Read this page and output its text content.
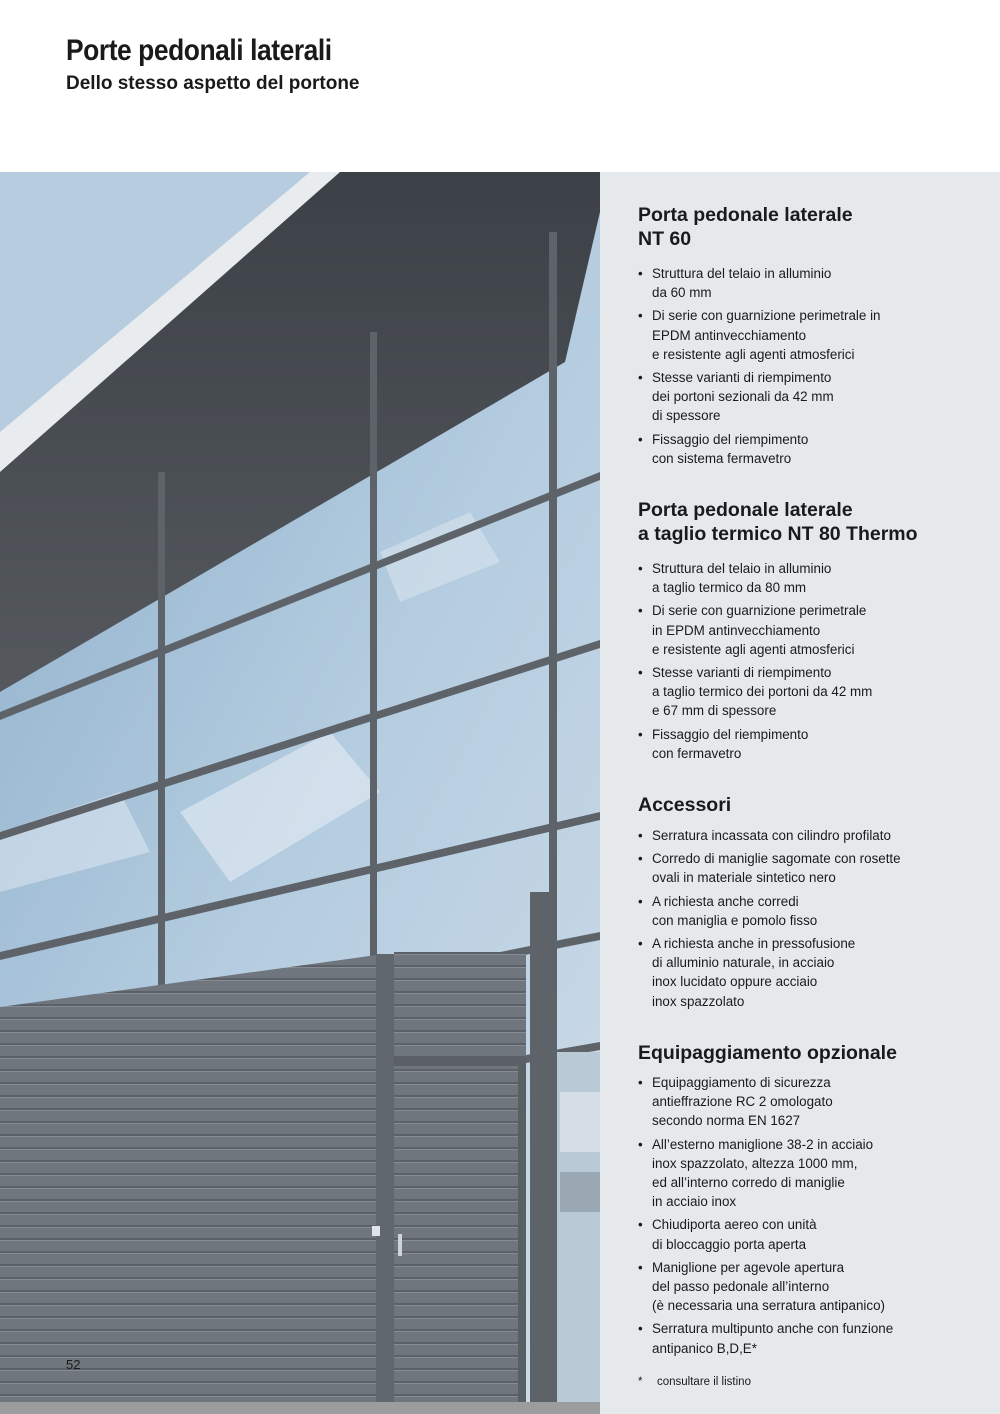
Porte pedonali laterali
Dello stesso aspetto del portone
Porta pedonale laterale
NT 60
• Struttura del telaio in alluminio
da 60 mm
• Di serie con guarnizione perimetrale in
EPDM antinvecchiamento
e resistente agli agenti atmosferici
• Stesse varianti di riempimento
dei portoni sezionali da 42 mm
di spessore
• Fissaggio del riempimento
con sistema fermavetro
Porta pedonale laterale
a taglio termico NT 80 Thermo
• Struttura del telaio in alluminio
a taglio termico da 80 mm
• Di serie con guarnizione perimetrale
in EPDM antinvecchiamento
e resistente agli agenti atmosferici
• Stesse varianti di riempimento
a taglio termico dei portoni da 42 mm
e 67 mm di spessore
• Fissaggio del riempimento
con fermavetro
Accessori
• Serratura incassata con cilindro profilato
• Corredo di maniglie sagomate con rosette
ovali in materiale sintetico nero
• A richiesta anche corredi
con maniglia e pomolo fisso
• A richiesta anche in pressofusione
di alluminio naturale, in acciaio
inox lucidato oppure acciaio
inox spazzolato
Equipaggiamento opzionale
• Equipaggiamento di sicurezza
antieffrazione RC 2 omologato
secondo norma EN 1627
• All’esterno maniglione 38-2 in acciaio
inox spazzolato, altezza 1000 mm,
ed all’interno corredo di maniglie
in acciaio inox
• Chiudiporta aereo con unità
di bloccaggio porta aperta
• Maniglione per agevole apertura
del passo pedonale all’interno
(è necessaria una serratura antipanico)
• Serratura multipunto anche con funzione
antipanico B,D,E*
* consultare il listino
52
